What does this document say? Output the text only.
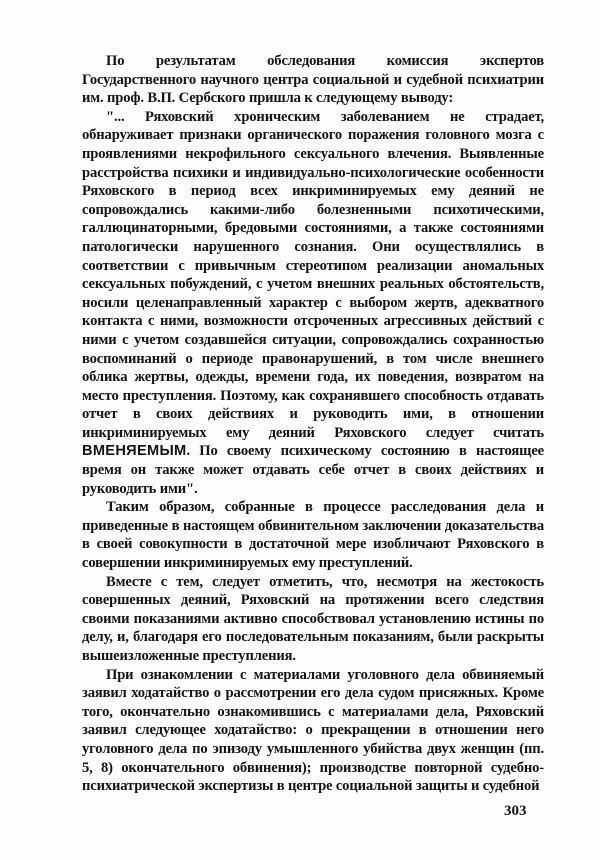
По результатам обследования комиссия экспертов Государственного научного центра социальной и судебной психиатрии им. проф. В.П. Сербского пришла к следующему выводу:

"... Ряховский хроническим заболеванием не страдает, обнаруживает признаки органического поражения головного мозга с проявлениями некрофильного сексуального влечения. Выявленные расстройства психики и индивидуально-психологические особенности Ряховского в период всех инкриминируемых ему деяний не сопровождались какими-либо болезненными психотическими, галлюцинаторными, бредовыми состояниями, а также состояниями патологически нарушенного сознания. Они осуществлялись в соответствии с привычным стереотипом реализации аномальных сексуальных побуждений, с учетом внешних реальных обстоятельств, носили целенаправленный характер с выбором жертв, адекватного контакта с ними, возможности отсроченных агрессивных действий с ними с учетом создавшейся ситуации, сопровождались сохранностью воспоминаний о периоде правонарушений, в том числе внешнего облика жертвы, одежды, времени года, их поведения, возвратом на место преступления. Поэтому, как сохранявшего способность отдавать отчет в своих действиях и руководить ими, в отношении инкриминируемых ему деяний Ряховского следует считать ВМЕНЯЕМЫМ. По своему психическому состоянию в настоящее время он также может отдавать себе отчет в своих действиях и руководить ими".

Таким образом, собранные в процессе расследования дела и приведенные в настоящем обвинительном заключении доказательства в своей совокупности в достаточной мере изобличают Ряховского в совершении инкриминируемых ему преступлений.

Вместе с тем, следует отметить, что, несмотря на жестокость совершенных деяний, Ряховский на протяжении всего следствия своими показаниями активно способствовал установлению истины по делу, и, благодаря его последовательным показаниям, были раскрыты вышеизложенные преступления.

При ознакомлении с материалами уголовного дела обвиняемый заявил ходатайство о рассмотрении его дела судом присяжных. Кроме того, окончательно ознакомившись с материалами дела, Ряховский заявил следующее ходатайство: о прекращении в отношении него уголовного дела по эпизоду умышленного убийства двух женщин (пп. 5, 8) окончательного обвинения); производстве повторной судебно-психиатрической экспертизы в центре социальной защиты и судебной

303
